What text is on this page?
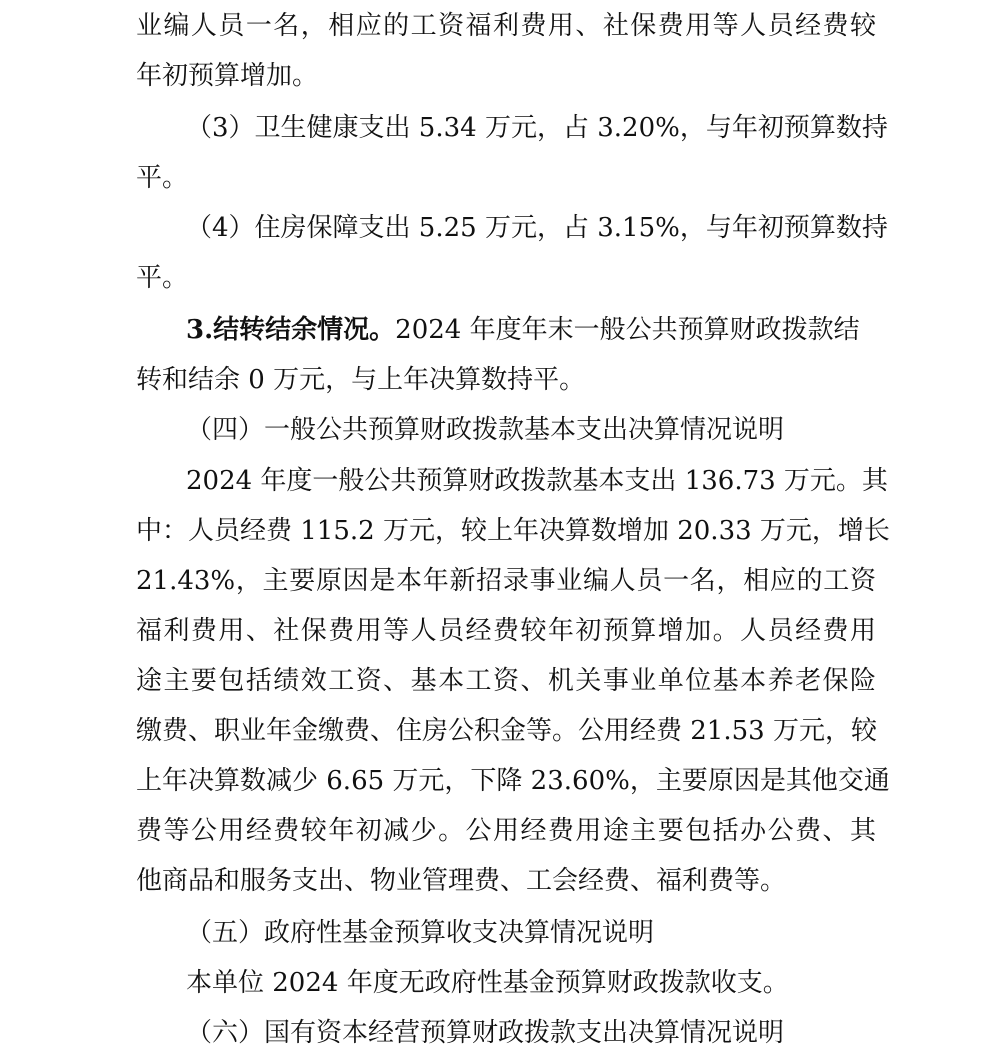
业编人员一名，相应的工资福利费用、社保费用等人员经费较
年初预算增加。
（3）卫生健康支出 5.34 万元，占 3.20%，与年初预算数持
平。
（4）住房保障支出 5.25 万元，占 3.15%，与年初预算数持
平。
3.结转结余情况。2024 年度年末一般公共预算财政拨款结
转和结余 0 万元，与上年决算数持平。
（四）一般公共预算财政拨款基本支出决算情况说明
2024 年度一般公共预算财政拨款基本支出 136.73 万元。其
中：人员经费 115.2 万元，较上年决算数增加 20.33 万元，增长
21.43%，主要原因是本年新招录事业编人员一名，相应的工资
福利费用、社保费用等人员经费较年初预算增加。人员经费用
途主要包括绩效工资、基本工资、机关事业单位基本养老保险
缴费、职业年金缴费、住房公积金等。公用经费 21.53 万元，较
上年决算数减少 6.65 万元，下降 23.60%，主要原因是其他交通
费等公用经费较年初减少。公用经费用途主要包括办公费、其
他商品和服务支出、物业管理费、工会经费、福利费等。
（五）政府性基金预算收支决算情况说明
本单位 2024 年度无政府性基金预算财政拨款收支。
（六）国有资本经营预算财政拨款支出决算情况说明
